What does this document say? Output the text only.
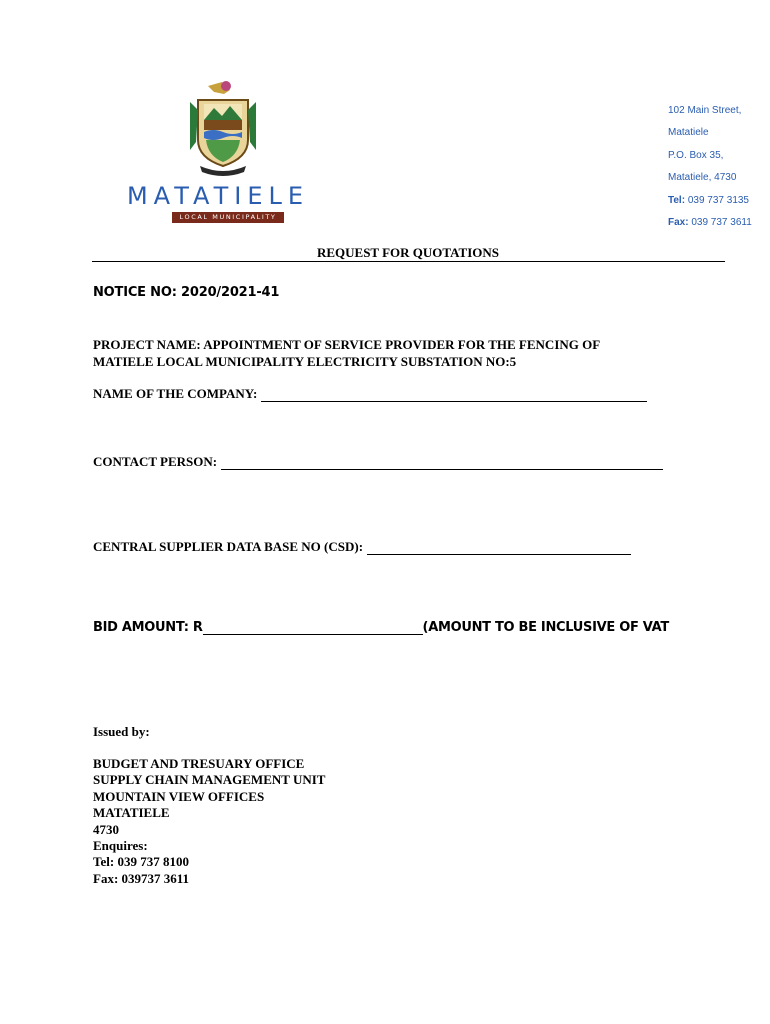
MATATIELE
LOCAL MUNICIPALITY
102 Main Street,
Matatiele
P.O. Box 35,
Matatiele, 4730
Tel: 039 737 3135
Fax: 039 737 3611
REQUEST FOR QUOTATIONS
NOTICE NO: 2020/2021-41
PROJECT NAME: APPOINTMENT OF SERVICE PROVIDER FOR THE FENCING OF
MATIELE LOCAL MUNICIPALITY ELECTRICITY SUBSTATION NO:5
NAME OF THE COMPANY:
CONTACT PERSON:
CENTRAL SUPPLIER DATA BASE NO (CSD):
BID AMOUNT: R	(AMOUNT TO BE INCLUSIVE OF VAT
Issued by:
BUDGET AND TRESUARY OFFICE
SUPPLY CHAIN MANAGEMENT UNIT
MOUNTAIN VIEW OFFICES
MATATIELE
4730
Enquires:
Tel: 039 737 8100
Fax: 039737 3611
